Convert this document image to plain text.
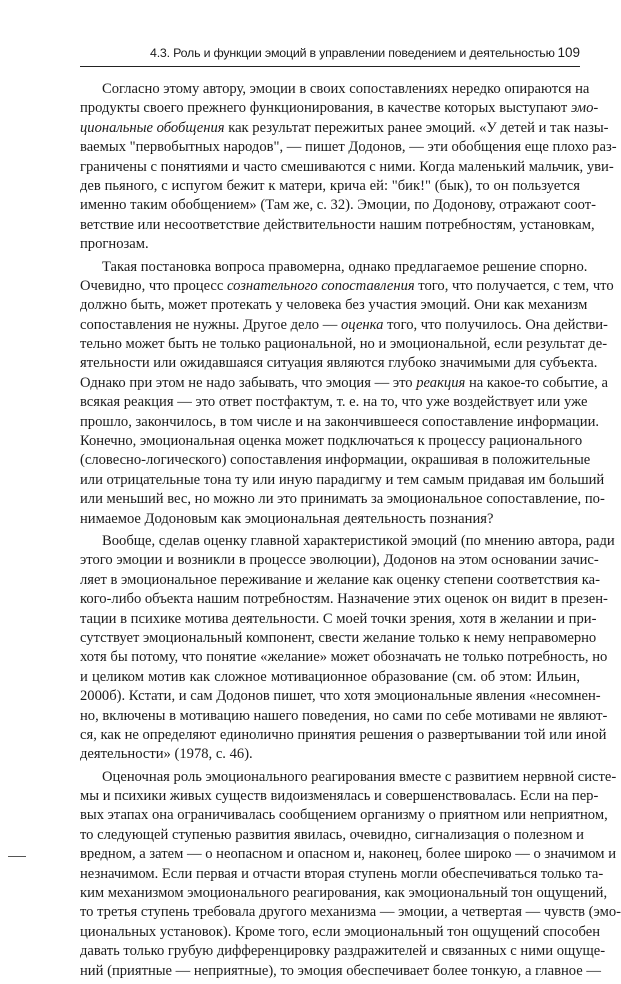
4.3. Роль и функции эмоций в управлении поведением и деятельностью 109
Согласно этому автору, эмоции в своих сопоставлениях нередко опираются на
продукты своего прежнего функционирования, в качестве которых выступают эмо-
циональные обобщения как результат пережитых ранее эмоций. «У детей и так назы-
ваемых "первобытных народов", — пишет Додонов, — эти обобщения еще плохо раз-
граничены с понятиями и часто смешиваются с ними. Когда маленький мальчик, уви-
дев пьяного, с испугом бежит к матери, крича ей: "бик!" (бык), то он пользуется
именно таким обобщением» (Там же, с. 32). Эмоции, по Додонову, отражают соот-
ветствие или несоответствие действительности нашим потребностям, установкам,
прогнозам.
Такая постановка вопроса правомерна, однако предлагаемое решение спорно.
Очевидно, что процесс сознательного сопоставления того, что получается, с тем, что
должно быть, может протекать у человека без участия эмоций. Они как механизм
сопоставления не нужны. Другое дело — оценка того, что получилось. Она действи-
тельно может быть не только рациональной, но и эмоциональной, если результат де-
ятельности или ожидавшаяся ситуация являются глубоко значимыми для субъекта.
Однако при этом не надо забывать, что эмоция — это реакция на какое-то событие, а
всякая реакция — это ответ постфактум, т. е. на то, что уже воздействует или уже
прошло, закончилось, в том числе и на закончившееся сопоставление информации.
Конечно, эмоциональная оценка может подключаться к процессу рационального
(словесно-логического) сопоставления информации, окрашивая в положительные
или отрицательные тона ту или иную парадигму и тем самым придавая им больший
или меньший вес, но можно ли это принимать за эмоциональное сопоставление, по-
нимаемое Додоновым как эмоциональная деятельность познания?
Вообще, сделав оценку главной характеристикой эмоций (по мнению автора, ради
этого эмоции и возникли в процессе эволюции), Додонов на этом основании зачис-
ляет в эмоциональное переживание и желание как оценку степени соответствия ка-
кого-либо объекта нашим потребностям. Назначение этих оценок он видит в презен-
тации в психике мотива деятельности. С моей точки зрения, хотя в желании и при-
сутствует эмоциональный компонент, свести желание только к нему неправомерно
хотя бы потому, что понятие «желание» может обозначать не только потребность, но
и целиком мотив как сложное мотивационное образование (см. об этом: Ильин,
2000б). Кстати, и сам Додонов пишет, что хотя эмоциональные явления «несомнен-
но, включены в мотивацию нашего поведения, но сами по себе мотивами не являют-
ся, как не определяют единолично принятия решения о развертывании той или иной
деятельности» (1978, с. 46).
Оценочная роль эмоционального реагирования вместе с развитием нервной систе-
мы и психики живых существ видоизменялась и совершенствовалась. Если на пер-
вых этапах она ограничивалась сообщением организму о приятном или неприятном,
то следующей ступенью развития явилась, очевидно, сигнализация о полезном и
вредном, а затем — о неопасном и опасном и, наконец, более широко — о значимом и
незначимом. Если первая и отчасти вторая ступень могли обеспечиваться только та-
ким механизмом эмоционального реагирования, как эмоциональный тон ощущений,
то третья ступень требовала другого механизма — эмоции, а четвертая — чувств (эмо-
циональных установок). Кроме того, если эмоциональный тон ощущений способен
давать только грубую дифференцировку раздражителей и связанных с ними ощуще-
ний (приятные — неприятные), то эмоция обеспечивает более тонкую, а главное —
